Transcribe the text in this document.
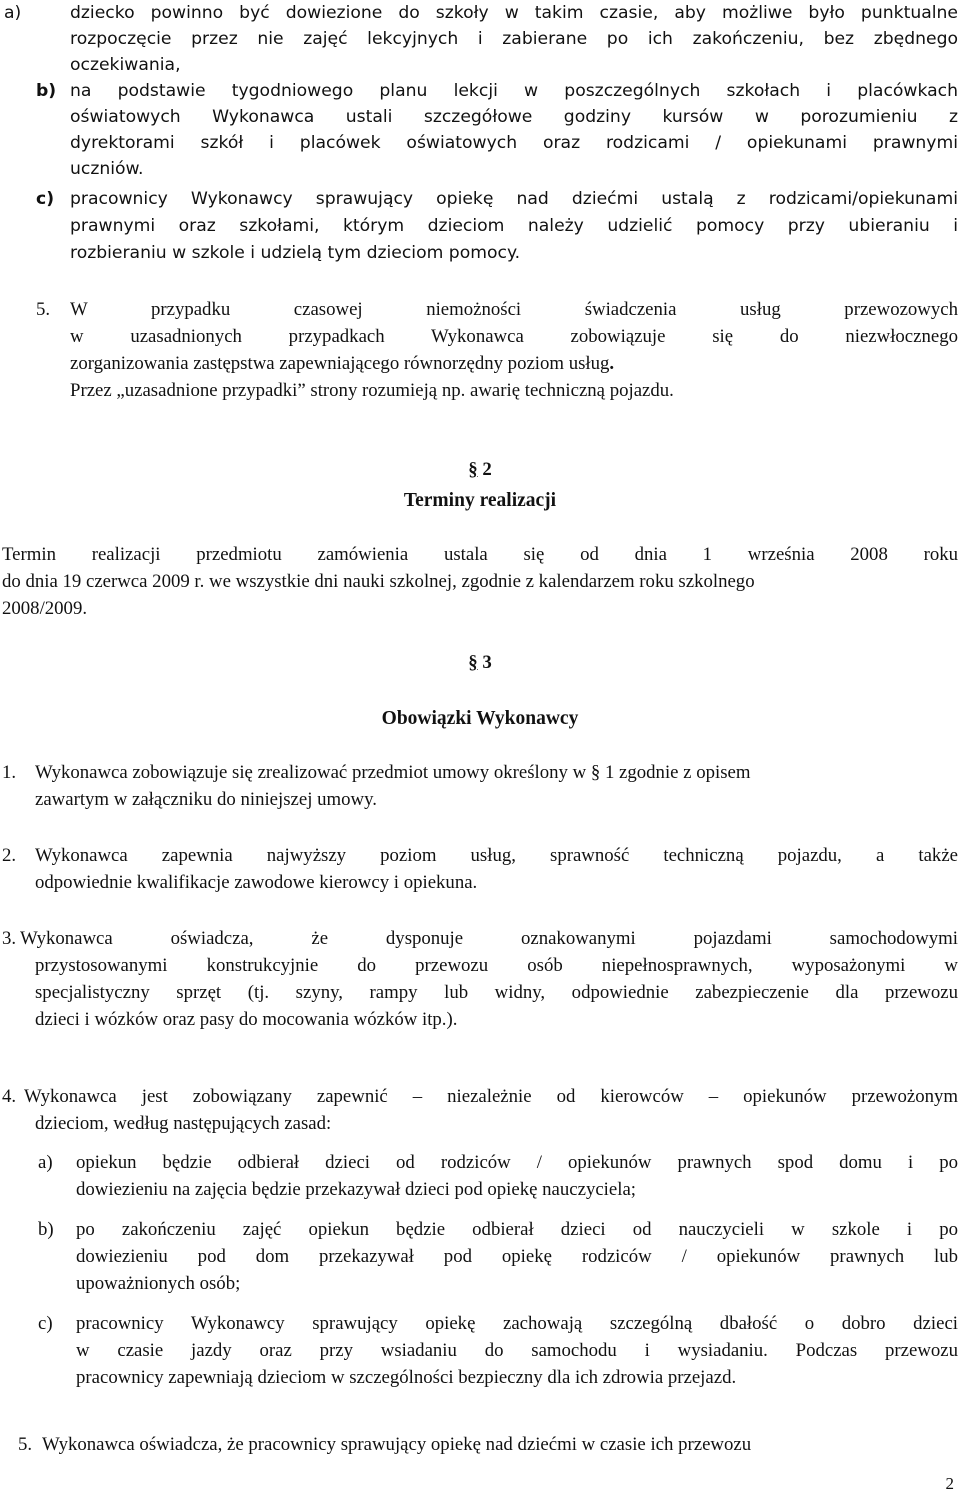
a)	dziecko powinno być dowiezione do szkoły w takim czasie, aby możliwe było punktualne

rozpoczęcie przez nie zajęć lekcyjnych i zabierane po ich zakończeniu, bez zbędnego

oczekiwania,

b) na podstawie tygodniowego planu lekcji w poszczególnych szkołach i placówkach

oświatowych Wykonawca ustali szczegółowe godziny kursów w porozumieniu z

dyrektorami szkół i placówek oświatowych oraz rodzicami / opiekunami prawnymi

uczniów.

c) pracownicy Wykonawcy sprawujący opiekę nad dziećmi ustalą z rodzicami/opiekunami

prawnymi oraz szkołami, którym dzieciom należy udzielić pomocy przy ubieraniu i

rozbieraniu w szkole i udzielą tym dzieciom pomocy.

5.	W przypadku czasowej niemożności świadczenia usług przewozowych

w uzasadnionych przypadkach Wykonawca zobowiązuje się do niezwłocznego

zorganizowania zastępstwa zapewniającego równorzędny poziom usług.

Przez „uzasadnione przypadki” strony rozumieją np. awarię techniczną pojazdu.

§ 2
Terminy realizacji

Termin realizacji przedmiotu zamówienia ustala się od dnia 1 września 2008 roku

do dnia 19 czerwca 2009 r. we wszystkie dni nauki szkolnej, zgodnie z kalendarzem roku szkolnego

2008/2009.

§ 3
Obowiązki Wykonawcy
1.	Wykonawca zobowiązuje się zrealizować przedmiot umowy określony w § 1 zgodnie z opisem

zawartym w załączniku do niniejszej umowy.

2.	Wykonawca zapewnia najwyższy poziom usług, sprawność techniczną pojazdu, a także

odpowiednie kwalifikacje zawodowe kierowcy i opiekuna.

3. Wykonawca oświadcza, że dysponuje oznakowanymi pojazdami samochodowymi

przystosowanymi konstrukcyjnie do przewozu osób niepełnosprawnych, wyposażonymi w

specjalistyczny sprzęt (tj. szyny, rampy lub widny, odpowiednie zabezpieczenie dla przewozu

dzieci i wózków oraz pasy do mocowania wózków itp.).

4. Wykonawca jest zobowiązany zapewnić – niezależnie od kierowców – opiekunów przewożonym

dzieciom, według następujących zasad:

a)	opiekun będzie odbierał dzieci od rodziców / opiekunów prawnych spod domu i po

dowiezieniu na zajęcia będzie przekazywał dzieci pod opiekę nauczyciela;

b)	po zakończeniu zajęć opiekun będzie odbierał dzieci od nauczycieli w szkole i po

dowiezieniu pod dom przekazywał pod opiekę rodziców / opiekunów prawnych lub

upoważnionych osób;

c)	pracownicy Wykonawcy sprawujący opiekę zachowają szczególną dbałość o dobro dzieci

w czasie jazdy oraz przy wsiadaniu do samochodu i wysiadaniu. Podczas przewozu

pracownicy zapewniają dzieciom w szczególności bezpieczny dla ich zdrowia przejazd.

5. Wykonawca oświadcza, że pracownicy sprawujący opiekę nad dziećmi w czasie ich przewozu

2
